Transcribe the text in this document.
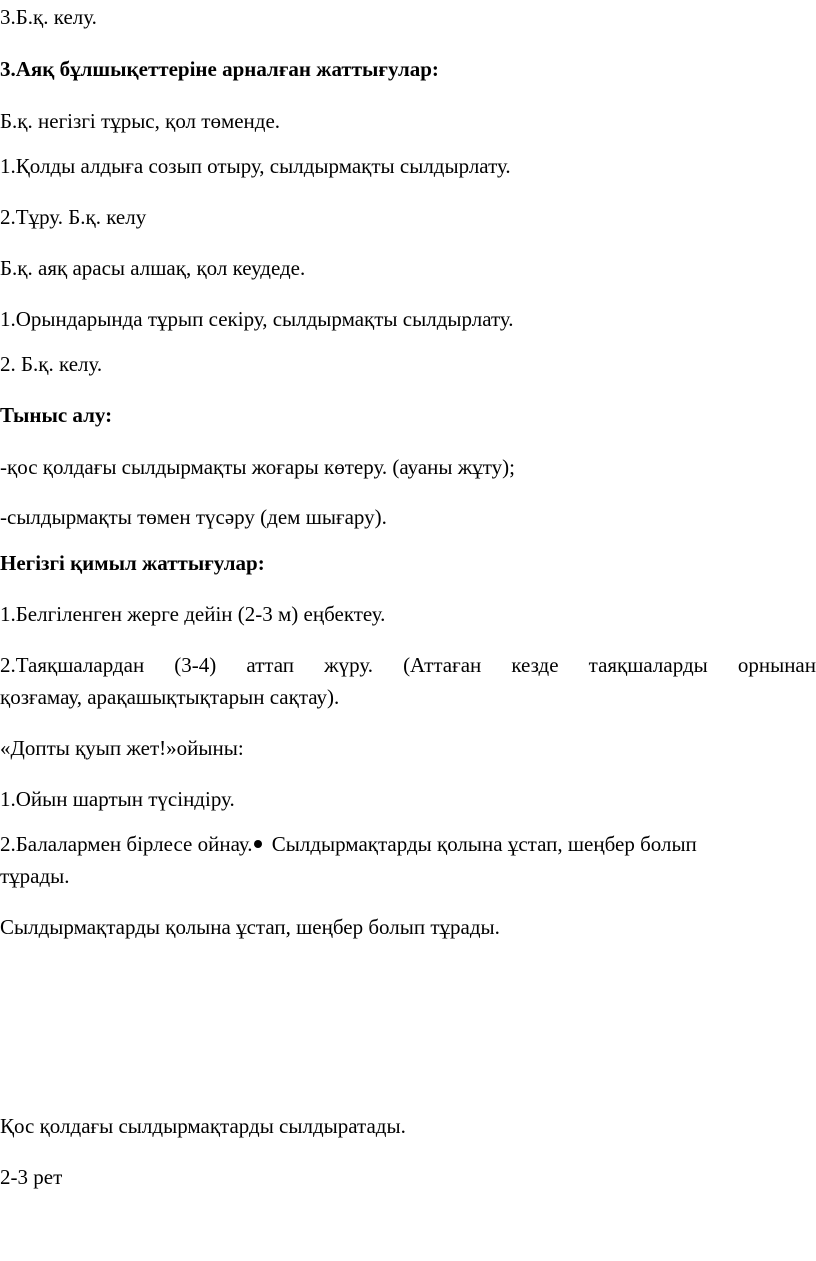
3.Б.қ. келу.

3.Аяқ бұлшықеттеріне арналған жаттығулар:

Б.қ. негізгі тұрыс, қол төменде.

1.Қолды алдыға созып отыру, сылдырмақты сылдырлату.

2.Тұру. Б.қ. келу

Б.қ. аяқ арасы алшақ, қол кеудеде.

1.Орындарында тұрып секіру, сылдырмақты сылдырлату.

2. Б.қ. келу.

Тыныс алу:

-қос қолдағы сылдырмақты жоғары көтеру. (ауаны жұту);

-сылдырмақты төмен түсәру (дем шығару).

Негізгі қимыл жаттығулар:

1.Белгіленген жерге дейін (2-3 м) еңбектеу.

2.Таяқшалардан (3-4) аттап жүру. (Аттаған кезде таяқшаларды орнынан

қозғамау, арақашықтықтарын сақтау).

«Допты қуып жет!»ойыны:

1.Ойын шартын түсіндіру.

2.Балалармен бірлесе ойнау. Сылдырмақтарды қолына ұстап, шеңбер болып

тұрады.

Сылдырмақтарды қолына ұстап, шеңбер болып тұрады.

Қос қолдағы сылдырмақтарды сылдыратады.

2-3 рет
